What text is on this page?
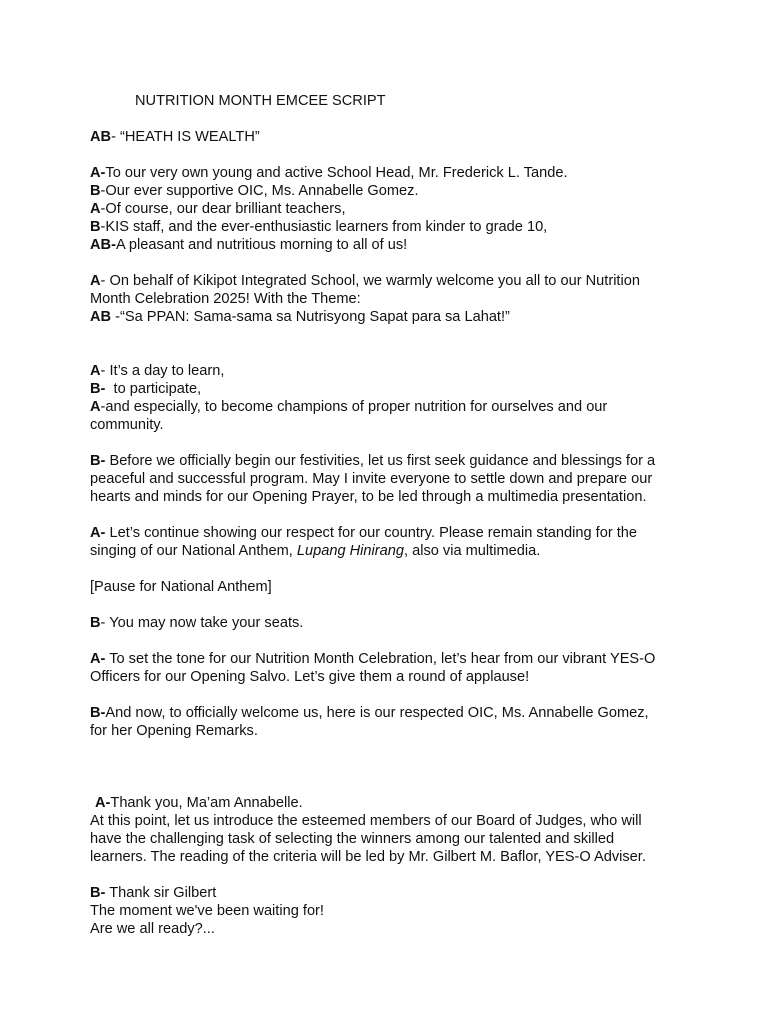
NUTRITION MONTH EMCEE SCRIPT
AB- “HEATH IS WEALTH”
A-To our very own young and active School Head, Mr. Frederick L. Tande.
B-Our ever supportive OIC, Ms. Annabelle Gomez.
A-Of course, our dear brilliant teachers,
B-KIS staff, and the ever-enthusiastic learners from kinder to grade 10,
AB-A pleasant and nutritious morning to all of us!
A- On behalf of Kikipot Integrated School, we warmly welcome you all to our Nutrition
Month Celebration 2025! With the Theme:
AB -“Sa PPAN: Sama-sama sa Nutrisyong Sapat para sa Lahat!”
A- It’s a day to learn,
B-  to participate,
A-and especially, to become champions of proper nutrition for ourselves and our
community.
B- Before we officially begin our festivities, let us first seek guidance and blessings for a
peaceful and successful program. May I invite everyone to settle down and prepare our
hearts and minds for our Opening Prayer, to be led through a multimedia presentation.
A- Let’s continue showing our respect for our country. Please remain standing for the
singing of our National Anthem, Lupang Hinirang, also via multimedia.
[Pause for National Anthem]
B- You may now take your seats.
A- To set the tone for our Nutrition Month Celebration, let’s hear from our vibrant YES-O
Officers for our Opening Salvo. Let’s give them a round of applause!
B-And now, to officially welcome us, here is our respected OIC, Ms. Annabelle Gomez,
for her Opening Remarks.
A-Thank you, Ma’am Annabelle.
At this point, let us introduce the esteemed members of our Board of Judges, who will
have the challenging task of selecting the winners among our talented and skilled
learners. The reading of the criteria will be led by Mr. Gilbert M. Baflor, YES-O Adviser.
B- Thank sir Gilbert
The moment we've been waiting for!
Are we all ready?...
